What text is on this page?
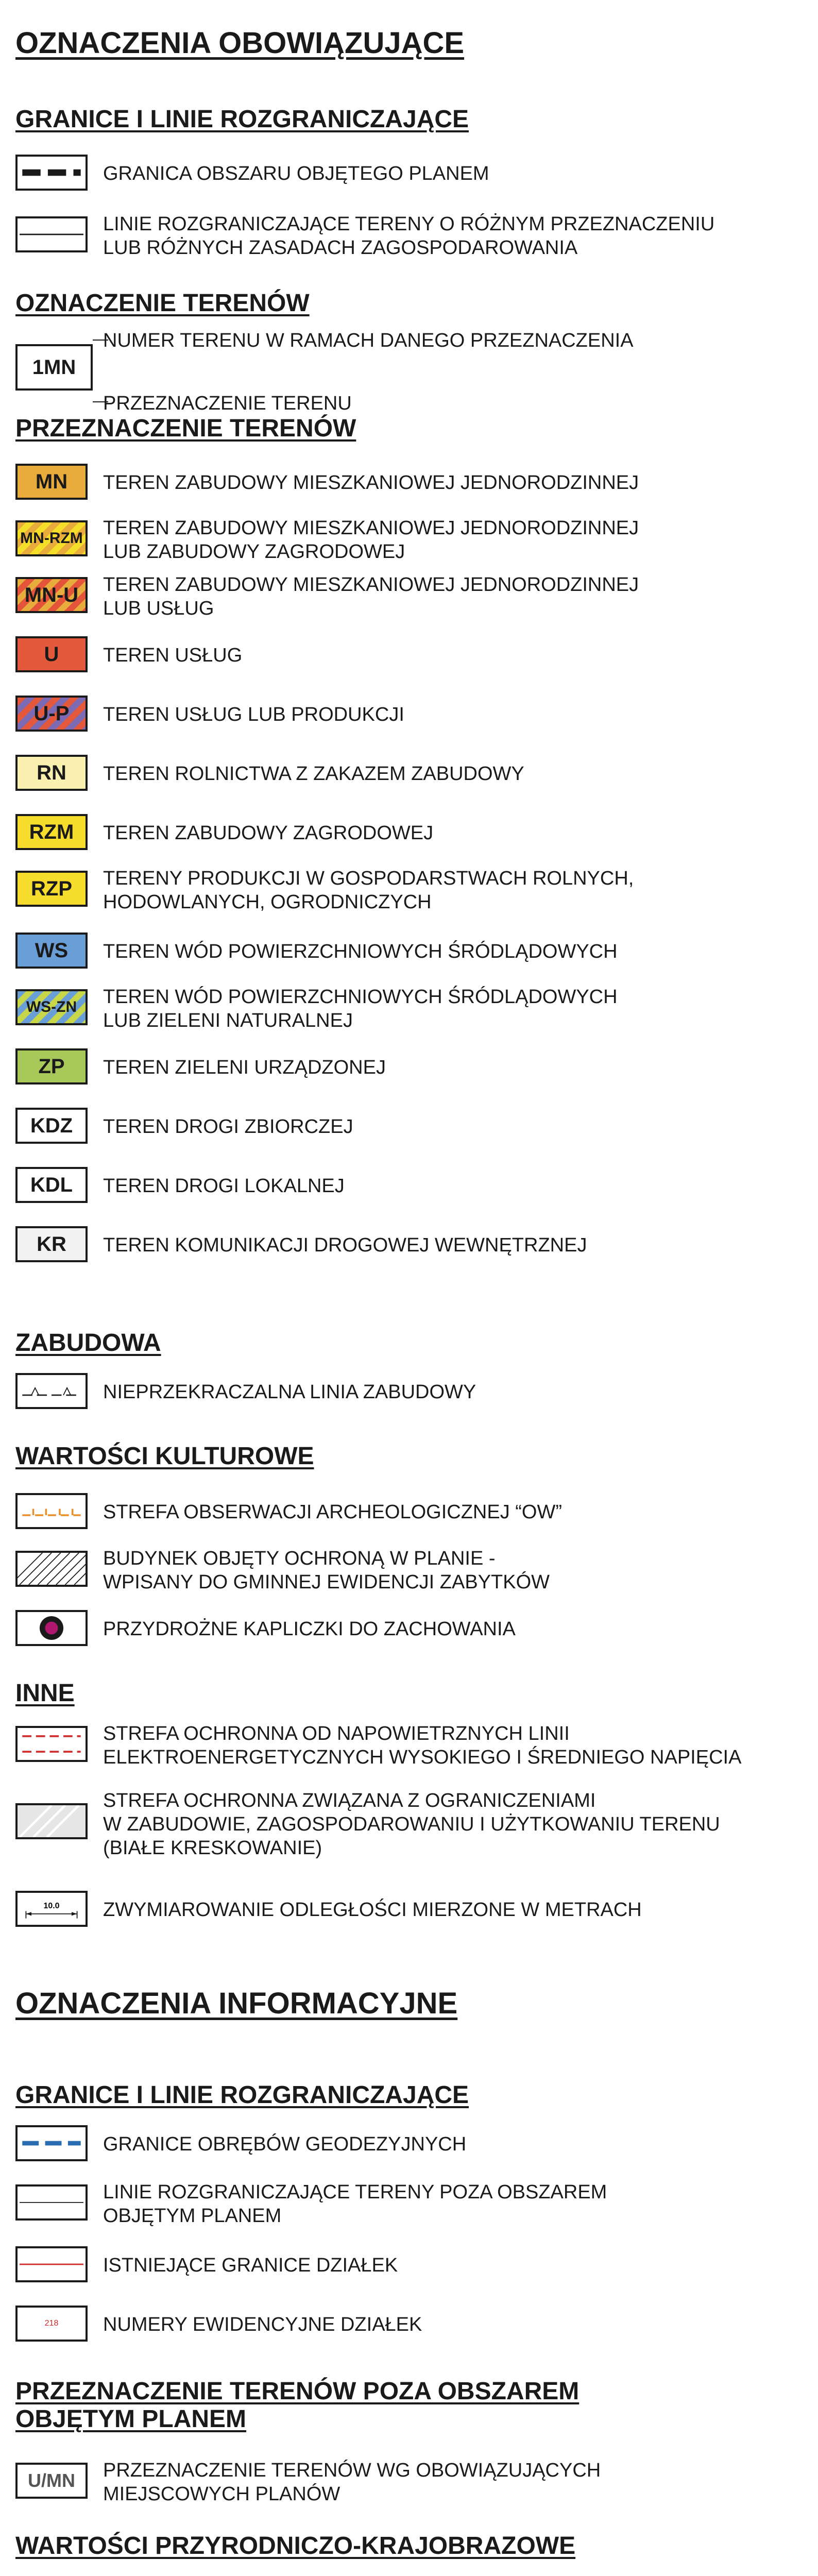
OZNACZENIA OBOWIĄZUJĄCE
GRANICE I LINIE ROZGRANICZAJĄCE
GRANICA OBSZARU OBJĘTEGO PLANEM
LINIE ROZGRANICZAJĄCE TERENY O RÓŻNYM PRZEZNACZENIU
LUB RÓŻNYCH ZASADACH ZAGOSPODAROWANIA
OZNACZENIE TERENÓW
1MN
NUMER TERENU W RAMACH DANEGO PRZEZNACZENIA
PRZEZNACZENIE TERENU
PRZEZNACZENIE TERENÓW
MN TEREN ZABUDOWY MIESZKANIOWEJ JEDNORODZINNEJ
MN-RZM TEREN ZABUDOWY MIESZKANIOWEJ JEDNORODZINNEJ
LUB ZABUDOWY ZAGRODOWEJ
MN-U TEREN ZABUDOWY MIESZKANIOWEJ JEDNORODZINNEJ
LUB USŁUG
U TEREN USŁUG
U-P TEREN USŁUG LUB PRODUKCJI
RN TEREN ROLNICTWA Z ZAKAZEM ZABUDOWY
RZM TEREN ZABUDOWY ZAGRODOWEJ
RZP TERENY PRODUKCJI W GOSPODARSTWACH ROLNYCH,
HODOWLANYCH, OGRODNICZYCH
WS TEREN WÓD POWIERZCHNIOWYCH ŚRÓDLĄDOWYCH
WS-ZN TEREN WÓD POWIERZCHNIOWYCH ŚRÓDLĄDOWYCH
LUB ZIELENI NATURALNEJ
ZP TEREN ZIELENI URZĄDZONEJ
KDZ TEREN DROGI ZBIORCZEJ
KDL TEREN DROGI LOKALNEJ
KR TEREN KOMUNIKACJI DROGOWEJ WEWNĘTRZNEJ
ZABUDOWA
NIEPRZEKRACZALNA LINIA ZABUDOWY
WARTOŚCI KULTUROWE
STREFA OBSERWACJI ARCHEOLOGICZNEJ “OW”
BUDYNEK OBJĘTY OCHRONĄ W PLANIE -
WPISANY DO GMINNEJ EWIDENCJI ZABYTKÓW
PRZYDROŻNE KAPLICZKI DO ZACHOWANIA
INNE
STREFA OCHRONNA OD NAPOWIETRZNYCH LINII
ELEKTROENERGETYCZNYCH WYSOKIEGO I ŚREDNIEGO NAPIĘCIA
STREFA OCHRONNA ZWIĄZANA Z OGRANICZENIAMI
W ZABUDOWIE, ZAGOSPODAROWANIU I UŻYTKOWANIU TERENU
(BIAŁE KRESKOWANIE)
10.0 ZWYMIAROWANIE ODLEGŁOŚCI MIERZONE W METRACH
OZNACZENIA INFORMACYJNE
GRANICE I LINIE ROZGRANICZAJĄCE
GRANICE OBRĘBÓW GEODEZYJNYCH
LINIE ROZGRANICZAJĄCE TERENY POZA OBSZAREM
OBJĘTYM PLANEM
ISTNIEJĄCE GRANICE DZIAŁEK
218 NUMERY EWIDENCYJNE DZIAŁEK
PRZEZNACZENIE TERENÓW POZA OBSZAREM
OBJĘTYM PLANEM
U/MN PRZEZNACZENIE TERENÓW WG OBOWIĄZUJĄCYCH
MIEJSCOWYCH PLANÓW
WARTOŚCI PRZYRODNICZO-KRAJOBRAZOWE
